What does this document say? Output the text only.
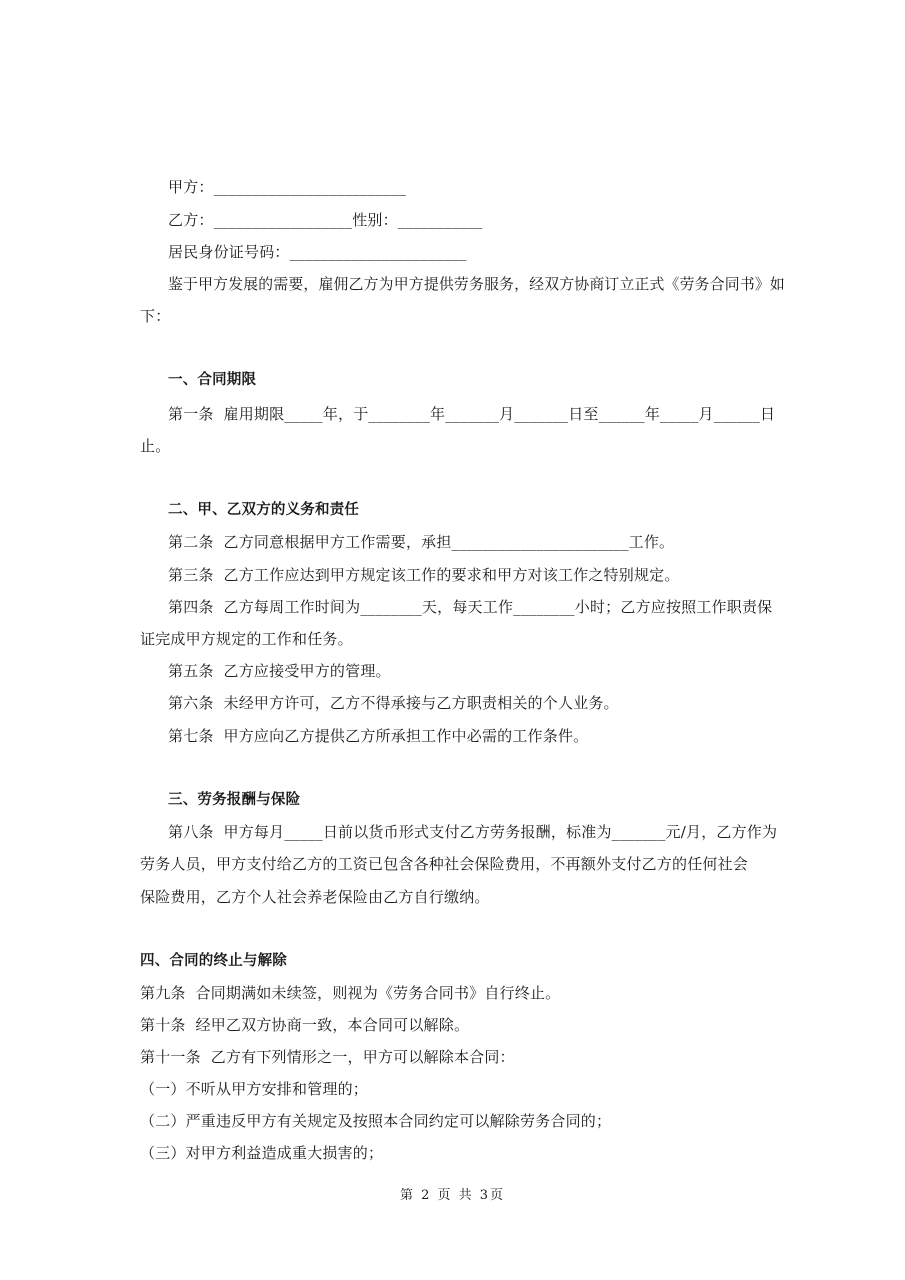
甲方：_________________________
乙方：__________________性别：___________
居民身份证号码：_______________________
鉴于甲方发展的需要，雇佣乙方为甲方提供劳务服务，经双方协商订立正式《劳务合同书》如
下：
一、合同期限
第一条  雇用期限_____年，于________年_______月_______日至______年_____月______日
止。
二、甲、乙双方的义务和责任
第二条  乙方同意根据甲方工作需要，承担_______________________工作。
第三条  乙方工作应达到甲方规定该工作的要求和甲方对该工作之特别规定。
第四条  乙方每周工作时间为________天，每天工作________小时；乙方应按照工作职责保
证完成甲方规定的工作和任务。
第五条  乙方应接受甲方的管理。
第六条  未经甲方许可，乙方不得承接与乙方职责相关的个人业务。
第七条  甲方应向乙方提供乙方所承担工作中必需的工作条件。
三、劳务报酬与保险
第八条  甲方每月_____日前以货币形式支付乙方劳务报酬，标准为_______元/月，乙方作为
劳务人员，甲方支付给乙方的工资已包含各种社会保险费用，不再额外支付乙方的任何社会
保险费用，乙方个人社会养老保险由乙方自行缴纳。
四、合同的终止与解除
第九条  合同期满如未续签，则视为《劳务合同书》自行终止。
第十条  经甲乙双方协商一致，本合同可以解除。
第十一条  乙方有下列情形之一，甲方可以解除本合同：
（一）不听从甲方安排和管理的；
（二）严重违反甲方有关规定及按照本合同约定可以解除劳务合同的；
（三）对甲方利益造成重大损害的；
第 2 页 共 3页
